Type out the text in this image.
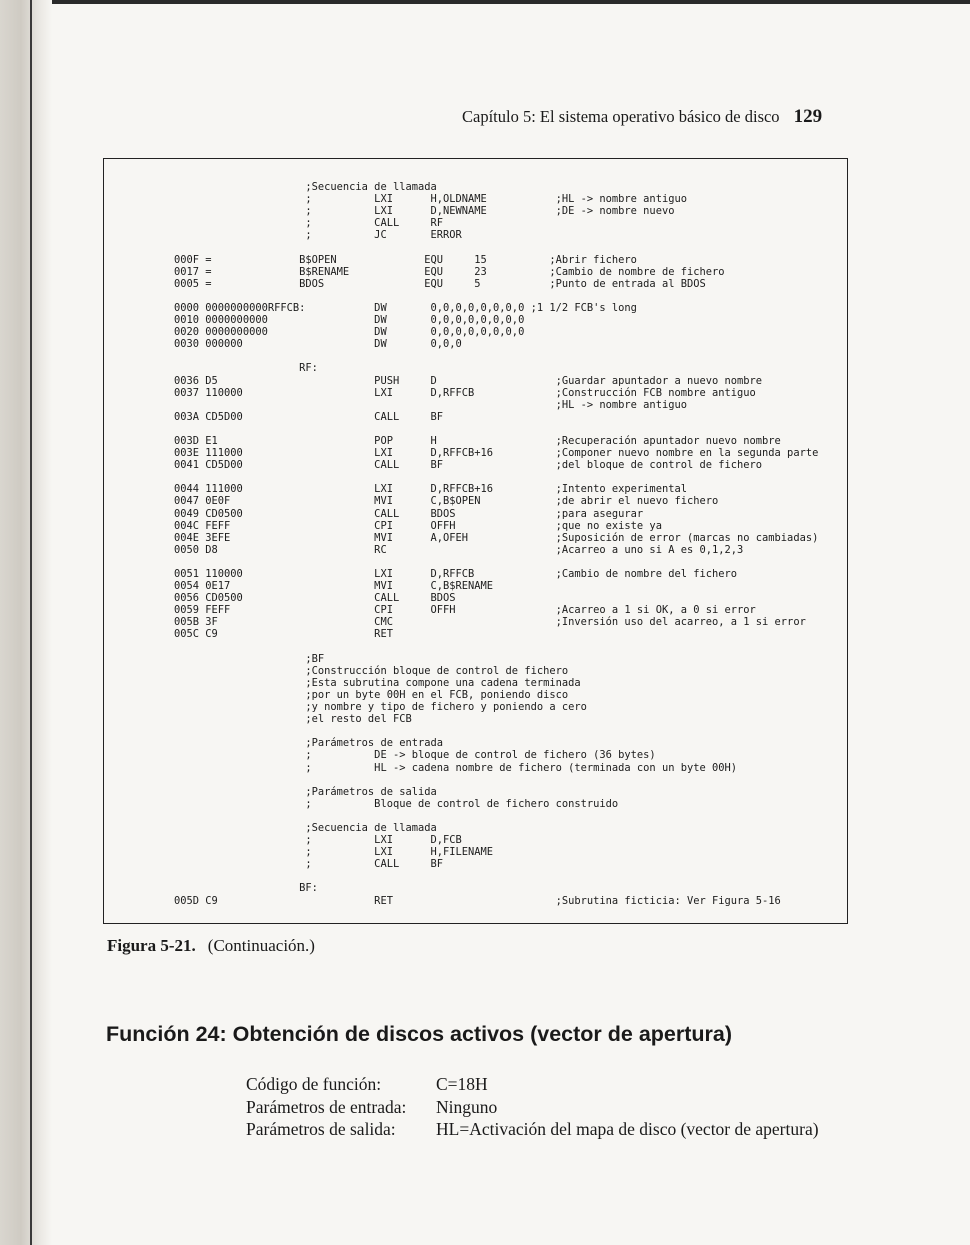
Capítulo 5: El sistema operativo básico de disco 129
;Secuencia de llamada
;          LXI      H,OLDNAME           ;HL -> nombre antiguo
;          LXI      D,NEWNAME           ;DE -> nombre nuevo
;          CALL     RF
;          JC       ERROR

000F =              B$OPEN              EQU     15          ;Abrir fichero
0017 =              B$RENAME            EQU     23          ;Cambio de nombre de fichero
0005 =              BDOS                EQU     5           ;Punto de entrada al BDOS

0000 0000000000RFFCB:           DW       0,0,0,0,0,0,0,0 ;1 1/2 FCB's long
0010 0000000000                 DW       0,0,0,0,0,0,0,0
0020 0000000000                 DW       0,0,0,0,0,0,0,0
0030 000000                     DW       0,0,0

RF:
0036 D5                         PUSH     D                   ;Guardar apuntador a nuevo nombre
0037 110000                     LXI      D,RFFCB             ;Construcción FCB nombre antiguo
;HL -> nombre antiguo
003A CD5D00                     CALL     BF

003D E1                         POP      H                   ;Recuperación apuntador nuevo nombre
003E 111000                     LXI      D,RFFCB+16          ;Componer nuevo nombre en la segunda parte
0041 CD5D00                     CALL     BF                  ;del bloque de control de fichero

0044 111000                     LXI      D,RFFCB+16          ;Intento experimental
0047 0E0F                       MVI      C,B$OPEN            ;de abrir el nuevo fichero
0049 CD0500                     CALL     BDOS                ;para asegurar
004C FEFF                       CPI      OFFH                ;que no existe ya
004E 3EFE                       MVI      A,OFEH              ;Suposición de error (marcas no cambiadas)
0050 D8                         RC                           ;Acarreo a uno si A es 0,1,2,3

0051 110000                     LXI      D,RFFCB             ;Cambio de nombre del fichero
0054 0E17                       MVI      C,B$RENAME
0056 CD0500                     CALL     BDOS
0059 FEFF                       CPI      OFFH                ;Acarreo a 1 si OK, a 0 si error
005B 3F                         CMC                          ;Inversión uso del acarreo, a 1 si error
005C C9                         RET

;BF
;Construcción bloque de control de fichero
;Esta subrutina compone una cadena terminada
;por un byte 00H en el FCB, poniendo disco
;y nombre y tipo de fichero y poniendo a cero
;el resto del FCB

;Parámetros de entrada
;          DE -> bloque de control de fichero (36 bytes)
;          HL -> cadena nombre de fichero (terminada con un byte 00H)

;Parámetros de salida
;          Bloque de control de fichero construido

;Secuencia de llamada
;          LXI      D,FCB
;          LXI      H,FILENAME
;          CALL     BF

BF:
005D C9                         RET                          ;Subrutina ficticia: Ver Figura 5-16

Figura 5-21. (Continuación.)
Función 24: Obtención de discos activos (vector de apertura)
Código de función:	C=18H
Parámetros de entrada:	Ninguno
Parámetros de salida:	HL=Activación del mapa de disco (vector de apertura)
